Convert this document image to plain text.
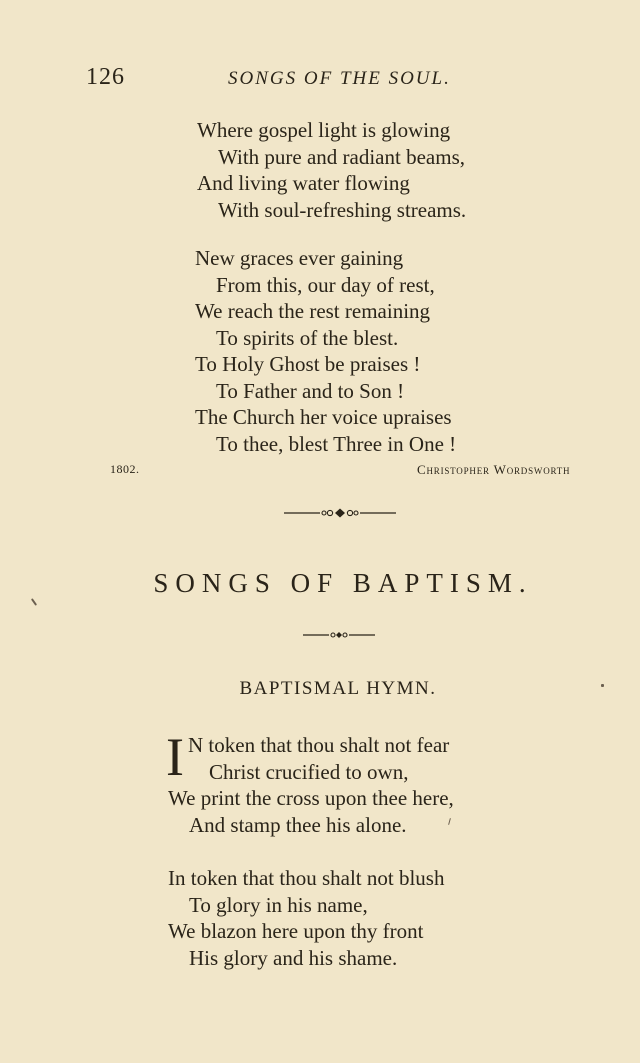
126	SONGS OF THE SOUL.
Where gospel light is glowing
With pure and radiant beams,
And living water flowing
With soul-refreshing streams.
New graces ever gaining
From this, our day of rest,
We reach the rest remaining
To spirits of the blest.
To Holy Ghost be praises !
To Father and to Son !
The Church her voice upraises
To thee, blest Three in One !
1802.	Christopher Wordsworth
SONGS OF BAPTISM.
BAPTISMAL HYMN.
I N token that thou shalt not fear
Christ crucified to own,
We print the cross upon thee here,
And stamp thee his alone.
In token that thou shalt not blush
To glory in his name,
We blazon here upon thy front
His glory and his shame.
